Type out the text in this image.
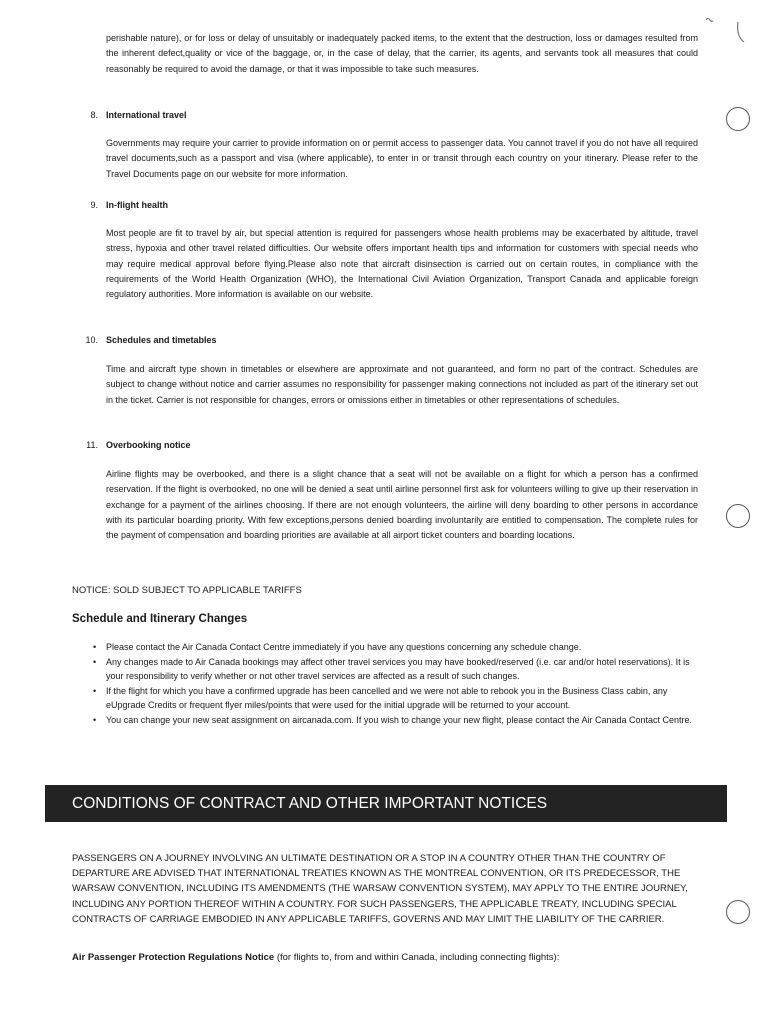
perishable nature), or for loss or delay of unsuitably or inadequately packed items, to the extent that the destruction, loss or damages resulted from the inherent defect,quality or vice of the baggage, or, in the case of delay, that the carrier, its agents, and servants took all measures that could reasonably be required to avoid the damage, or that it was impossible to take such measures.

8. International travel

Governments may require your carrier to provide information on or permit access to passenger data. You cannot travel if you do not have all required travel documents,such as a passport and visa (where applicable), to enter in or transit through each country on your itinerary. Please refer to the Travel Documents page on our website for more information.

9. In-flight health

Most people are fit to travel by air, but special attention is required for passengers whose health problems may be exacerbated by altitude, travel stress, hypoxia and other travel related difficulties. Our website offers important health tips and information for customers with special needs who may require medical approval before flying.Please also note that aircraft disinsection is carried out on certain routes, in compliance with the requirements of the World Health Organization (WHO), the International Civil Aviation Organization, Transport Canada and applicable foreign regulatory authorities. More information is available on our website.

10. Schedules and timetables

Time and aircraft type shown in timetables or elsewhere are approximate and not guaranteed, and form no part of the contract. Schedules are subject to change without notice and carrier assumes no responsibility for passenger making connections not included as part of the itinerary set out in the ticket. Carrier is not responsible for changes, errors or omissions either in timetables or other representations of schedules.

11. Overbooking notice

Airline flights may be overbooked, and there is a slight chance that a seat will not be available on a flight for which a person has a confirmed reservation. If the flight is overbooked, no one will be denied a seat until airline personnel first ask for volunteers willing to give up their reservation in exchange for a payment of the airlines choosing. If there are not enough volunteers, the airline will deny boarding to other persons in accordance with its particular boarding priority. With few exceptions,persons denied boarding involuntarily are entitled to compensation. The complete rules for the payment of compensation and boarding priorities are available at all airport ticket counters and boarding locations.

NOTICE: SOLD SUBJECT TO APPLICABLE TARIFFS
Schedule and Itinerary Changes
• Please contact the Air Canada Contact Centre immediately if you have any questions concerning any schedule change.
• Any changes made to Air Canada bookings may affect other travel services you may have booked/reserved (i.e. car and/or hotel reservations). It is your responsibility to verify whether or not other travel services are affected as a result of such changes.
• If the flight for which you have a confirmed upgrade has been cancelled and we were not able to rebook you in the Business Class cabin, any eUpgrade Credits or frequent flyer miles/points that were used for the initial upgrade will be returned to your account.
• You can change your new seat assignment on aircanada.com. If you wish to change your new flight, please contact the Air Canada Contact Centre.
CONDITIONS OF CONTRACT AND OTHER IMPORTANT NOTICES

PASSENGERS ON A JOURNEY INVOLVING AN ULTIMATE DESTINATION OR A STOP IN A COUNTRY OTHER THAN THE COUNTRY OF DEPARTURE ARE ADVISED THAT INTERNATIONAL TREATIES KNOWN AS THE MONTREAL CONVENTION, OR ITS PREDECESSOR, THE WARSAW CONVENTION, INCLUDING ITS AMENDMENTS (THE WARSAW CONVENTION SYSTEM), MAY APPLY TO THE ENTIRE JOURNEY, INCLUDING ANY PORTION THEREOF WITHIN A COUNTRY. FOR SUCH PASSENGERS, THE APPLICABLE TREATY, INCLUDING SPECIAL CONTRACTS OF CARRIAGE EMBODIED IN ANY APPLICABLE TARIFFS, GOVERNS AND MAY LIMIT THE LIABILITY OF THE CARRIER.

Air Passenger Protection Regulations Notice (for flights to, from and within Canada, including connecting flights):
